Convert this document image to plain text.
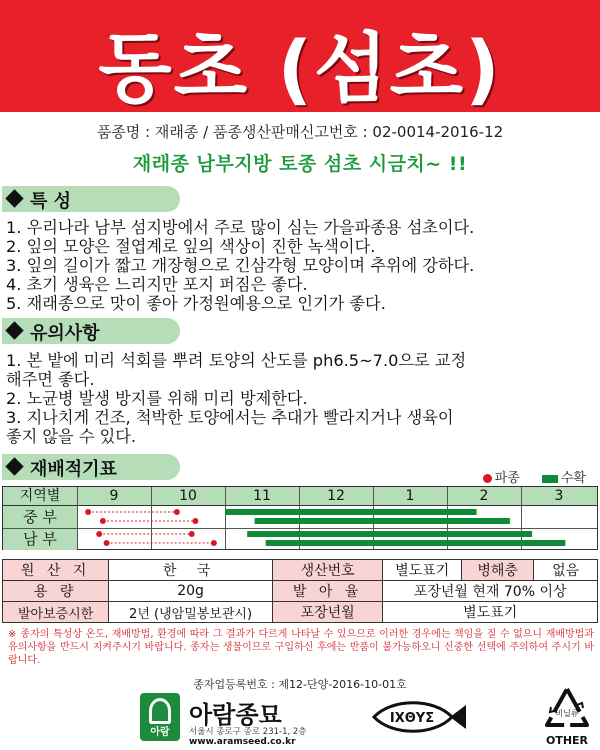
동초 (섬초)
품종명 : 재래종 / 품종생산판매신고번호 : 02-0014-2016-12
재래종 남부지방 토종 섬초 시금치~ !!
특 성
1. 우리나라 남부 섬지방에서 주로 많이 심는 가을파종용 섬초이다.
2. 잎의 모양은 절엽계로 잎의 색상이 진한 녹색이다.
3. 잎의 길이가 짧고 개장형으로 긴삼각형 모양이며 추위에 강하다.
4. 초기 생육은 느리지만 포지 퍼짐은 좋다.
5. 재래종으로 맛이 좋아 가정원예용으로 인기가 좋다.
유의사항
1. 본 밭에 미리 석회를 뿌려 토양의 산도를 ph6.5~7.0으로 교정
해주면 좋다.
2. 노균병 발생 방지를 위해 미리 방제한다.
3. 지나치게 건조, 척박한 토양에서는 추대가 빨라지거나 생육이
좋지 않을 수 있다.
재배적기표	파종	수확
지역별	9	10	11	12	1	2	3
중 부
남 부
원 산 지	한 국	생산번호	별도표기	병해충	없음
용 량	20g	발 아 율	포장년월 현재 70% 이상		
발아보증시한	2년 (냉암밀봉보관시)	포장년월	별도표기		
※ 종자의 특성상 온도, 재배방법, 환경에 따라 그 결과가 다르게 나타날 수 있으므로 이러한 경우에는 책임을 질 수 없으니 재배방법과 유의사항을 반드시 지켜주시기 바랍니다. 종자는 생물이므로 구입하신 후에는 반품이 불가능하오니 신중한 선택에 주의하여 주시기 바랍니다.
종자업등록번호 : 제12-단양-2016-10-01호
아람
아람종묘
서울시 종로구 종로 231-1, 2층
www.aramseed.co.kr
IXΘYΣ	비닐류
OTHER
